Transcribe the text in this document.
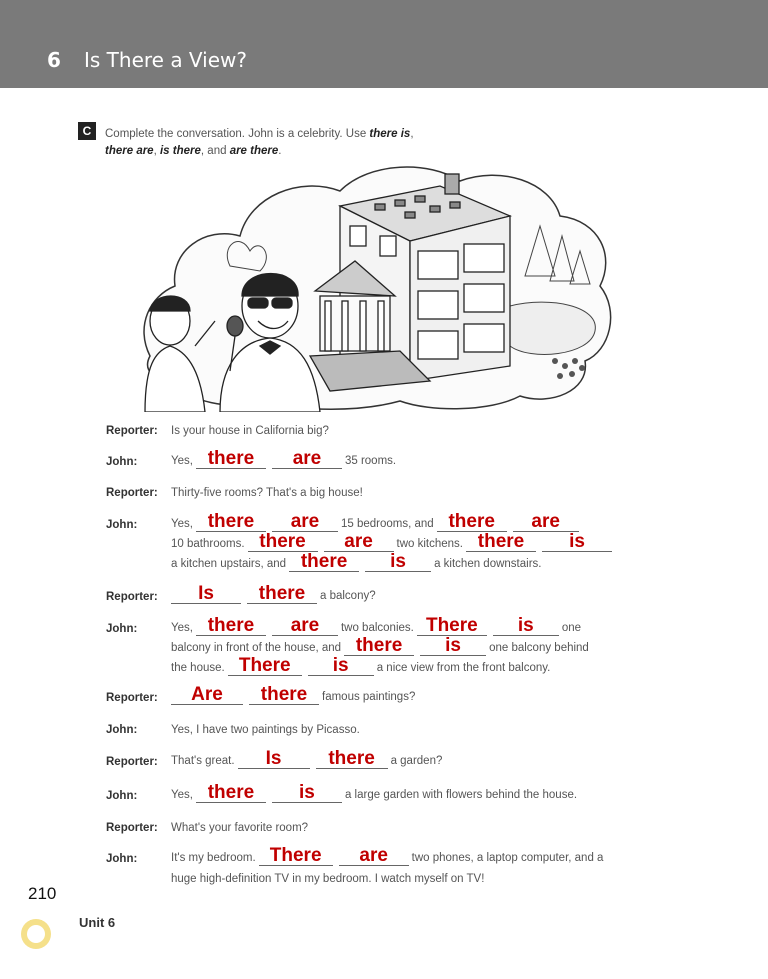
6 Is There a View?
C	Complete the conversation. John is a celebrity. Use there is,
there are, is there, and are there.
Reporter: Is your house in California big?
John:	Yes, there are 35 rooms.
Reporter: Thirty-five rooms? That's a big house!
John:	Yes, there are 15 bedrooms, and there are
10 bathrooms. there are two kitchens. there is
a kitchen upstairs, and there is a kitchen downstairs.
Reporter:	Is there a balcony?
John:	Yes, there are two balconies. There is one
balcony in front of the house, and there is one balcony behind
the house. There is a nice view from the front balcony.
Reporter:	Are there famous paintings?
John:	Yes, I have two paintings by Picasso.
Reporter: That's great. Is there a garden?
John:	Yes, there is	a large garden with flowers behind the house.
Reporter: What's your favorite room?
John:	It's my bedroom. There are two phones, a laptop computer, and a
huge high-definition TV in my bedroom. I watch myself on TV!
210
Unit 6
